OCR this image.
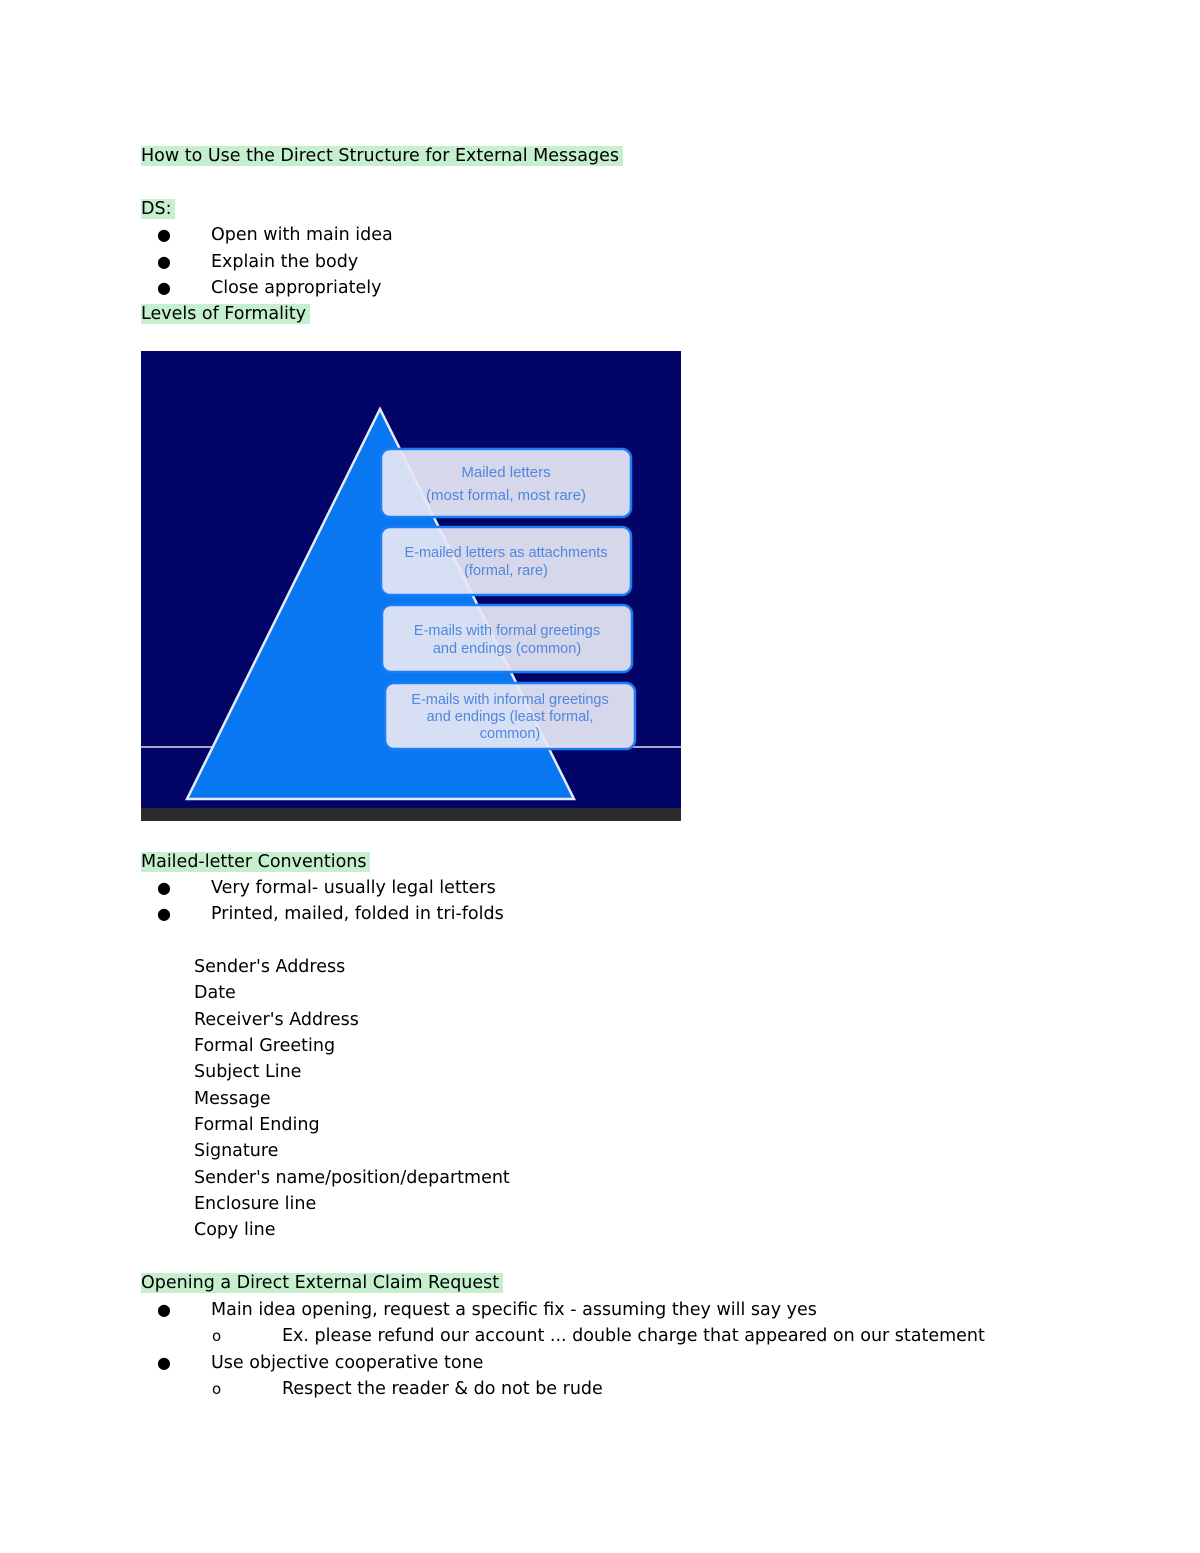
How to Use the Direct Structure for External Messages
DS:
● Open with main idea
● Explain the body
● Close appropriately
Levels of Formality
Mailed letters
(most formal, most rare)
E-mailed letters as attachments
(formal, rare)
E-mails with formal greetings
and endings (common)
E-mails with informal greetings
and endings (least formal,
common)
Mailed-letter Conventions
● Very formal- usually legal letters
● Printed, mailed, folded in tri-folds
Sender's Address
Date
Receiver's Address
Formal Greeting
Subject Line
Message
Formal Ending
Signature
Sender's name/position/department
Enclosure line
Copy line
Opening a Direct External Claim Request
● Main idea opening, request a specific fix - assuming they will say yes
o	Ex. please refund our account ... double charge that appeared on our statement
● Use objective cooperative tone
o	Respect the reader & do not be rude
